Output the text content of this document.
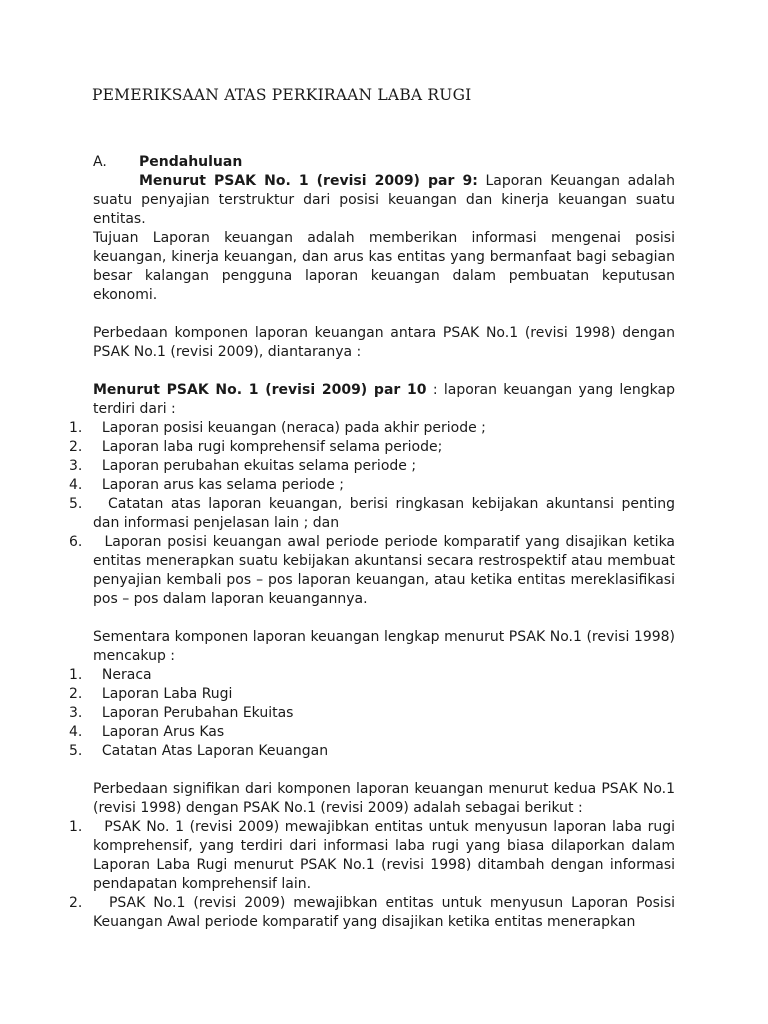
PEMERIKSAAN ATAS PERKIRAAN LABA RUGI
A.	Pendahuluan

Menurut PSAK No. 1 (revisi 2009) par 9: Laporan Keuangan adalah suatu penyajian terstruktur dari posisi keuangan dan kinerja keuangan suatu entitas.

Tujuan Laporan keuangan adalah memberikan informasi mengenai posisi keuangan, kinerja keuangan, dan arus kas entitas yang bermanfaat bagi sebagian besar kalangan pengguna laporan keuangan dalam pembuatan keputusan ekonomi.

Perbedaan komponen laporan keuangan antara PSAK No.1 (revisi 1998) dengan PSAK No.1 (revisi 2009), diantaranya :

Menurut PSAK No. 1 (revisi 2009) par 10 : laporan keuangan yang lengkap terdiri dari :

1. Laporan posisi keuangan (neraca) pada akhir periode ;
2. Laporan laba rugi komprehensif selama periode;
3. Laporan perubahan ekuitas selama periode ;
4. Laporan arus kas selama periode ;
5. Catatan atas laporan keuangan, berisi ringkasan kebijakan akuntansi penting dan informasi penjelasan lain ; dan
6. Laporan posisi keuangan awal periode periode komparatif yang disajikan ketika entitas menerapkan suatu kebijakan akuntansi secara restrospektif atau membuat penyajian kembali pos – pos laporan keuangan, atau ketika entitas mereklasifikasi pos – pos dalam laporan keuangannya.

Sementara komponen laporan keuangan lengkap menurut PSAK No.1 (revisi 1998) mencakup :

1. Neraca
2. Laporan Laba Rugi
3. Laporan Perubahan Ekuitas
4. Laporan Arus Kas
5. Catatan Atas Laporan Keuangan

Perbedaan signifikan dari komponen laporan keuangan menurut kedua PSAK No.1 (revisi 1998) dengan PSAK No.1 (revisi 2009) adalah sebagai berikut :

1. PSAK No. 1 (revisi 2009) mewajibkan entitas untuk menyusun laporan laba rugi komprehensif, yang terdiri dari informasi laba rugi yang biasa dilaporkan dalam Laporan Laba Rugi menurut PSAK No.1 (revisi 1998) ditambah dengan informasi pendapatan komprehensif lain.
2. PSAK No.1 (revisi 2009) mewajibkan entitas untuk menyusun Laporan Posisi Keuangan Awal periode komparatif yang disajikan ketika entitas menerapkan
